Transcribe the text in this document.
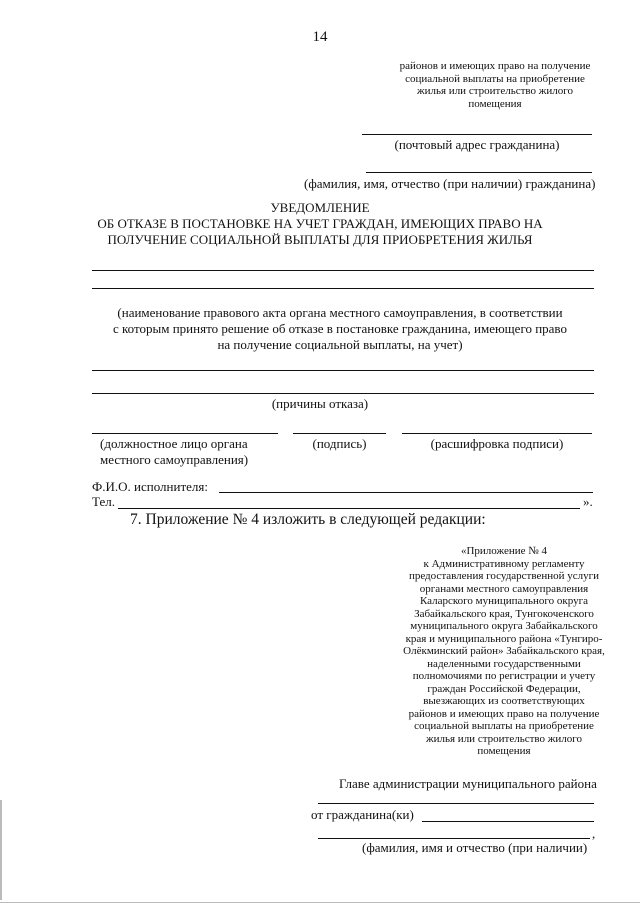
14
районов и имеющих право на получение
социальной выплаты на приобретение
жилья или строительство жилого
помещения
(почтовый адрес гражданина)
(фамилия, имя, отчество (при наличии) гражданина)
УВЕДОМЛЕНИЕ
ОБ ОТКАЗЕ В ПОСТАНОВКЕ НА УЧЕТ ГРАЖДАН, ИМЕЮЩИХ ПРАВО НА
ПОЛУЧЕНИЕ СОЦИАЛЬНОЙ ВЫПЛАТЫ ДЛЯ ПРИОБРЕТЕНИЯ ЖИЛЬЯ
(наименование правового акта органа местного самоуправления, в соответствии
с которым принято решение об отказе в постановке гражданина, имеющего право
на получение социальной выплаты, на учет)
(причины отказа)
(должностное лицо органа
местного самоуправления)
(подпись)	(расшифровка подписи)
Ф.И.О. исполнителя:
Тел.	».
7. Приложение № 4 изложить в следующей редакции:
«Приложение № 4
к Административному регламенту
предоставления государственной услуги
органами местного самоуправления
Каларского муниципального округа
Забайкальского края, Тунгокоченского
муниципального округа Забайкальского
края и муниципального района «Тунгиро-
Олёкминский район» Забайкальского края,
наделенными государственными
полномочиями по регистрации и учету
граждан Российской Федерации,
выезжающих из соответствующих
районов и имеющих право на получение
социальной выплаты на приобретение
жилья или строительство жилого
помещения
Главе администрации муниципального района
от гражданина(ки)
,
(фамилия, имя и отчество (при наличии)
